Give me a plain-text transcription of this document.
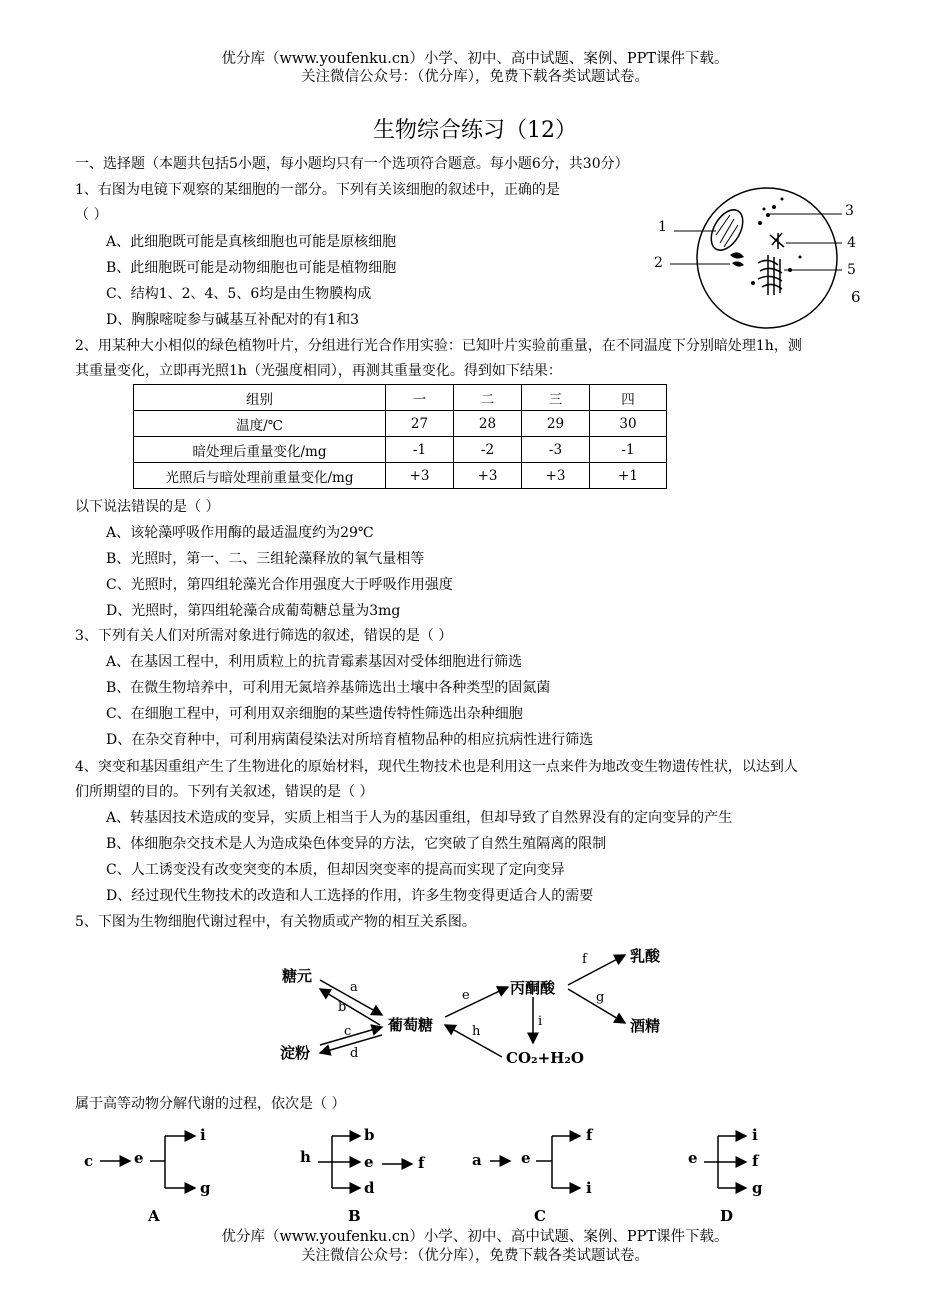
优分库（www.youfenku.cn）小学、初中、高中试题、案例、PPT课件下载。
关注微信公众号：（优分库），免费下载各类试题试卷。
生物综合练习（12）
一、选择题（本题共包括5小题，每小题均只有一个选项符合题意。每小题6分，共30分）
1、右图为电镜下观察的某细胞的一部分。下列有关该细胞的叙述中，正确的是
（ ）
A、此细胞既可能是真核细胞也可能是原核细胞
B、此细胞既可能是动物细胞也可能是植物细胞
C、结构1、2、4、5、6均是由生物膜构成
D、胸腺嘧啶参与碱基互补配对的有1和3
1
2
3
4
5
6
2、用某种大小相似的绿色植物叶片，分组进行光合作用实验：已知叶片实验前重量，在不同温度下分别暗处理1h，测
其重量变化，立即再光照1h（光强度相同），再测其重量变化。得到如下结果：
组别	一	二	三	四
温度/℃	27	28	29	30
暗处理后重量变化/mg	-1	-2	-3	-1
光照后与暗处理前重量变化/mg	+3	+3	+3	+1
以下说法错误的是（ ）
A、该轮藻呼吸作用酶的最适温度约为29℃
B、光照时，第一、二、三组轮藻释放的氧气量相等
C、光照时，第四组轮藻光合作用强度大于呼吸作用强度
D、光照时，第四组轮藻合成葡萄糖总量为3mg
3、下列有关人们对所需对象进行筛选的叙述，错误的是（ ）
A、在基因工程中，利用质粒上的抗青霉素基因对受体细胞进行筛选
B、在微生物培养中，可利用无氮培养基筛选出土壤中各种类型的固氮菌
C、在细胞工程中，可利用双亲细胞的某些遗传特性筛选出杂种细胞
D、在杂交育种中，可利用病菌侵染法对所培育植物品种的相应抗病性进行筛选
4、突变和基因重组产生了生物进化的原始材料，现代生物技术也是利用这一点来件为地改变生物遗传性状，以达到人
们所期望的目的。下列有关叙述，错误的是（ ）
A、转基因技术造成的变异，实质上相当于人为的基因重组，但却导致了自然界没有的定向变异的产生
B、体细胞杂交技术是人为造成染色体变异的方法，它突破了自然生殖隔离的限制
C、人工诱变没有改变突变的本质，但却因突变率的提高而实现了定向变异
D、经过现代生物技术的改造和人工选择的作用，许多生物变得更适合人的需要
5、下图为生物细胞代谢过程中，有关物质或产物的相互关系图。
糖元
淀粉
葡萄糖
丙酮酸
乳酸
酒精
CO₂+H₂O
a
b
c
d
e
f
g
h
i
属于高等动物分解代谢的过程，依次是（ ）
c	e
i
g
A
h
b
e
d
f
B
a	e
f
i
C
e
i
f
g
D
优分库（www.youfenku.cn）小学、初中、高中试题、案例、PPT课件下载。
关注微信公众号：（优分库），免费下载各类试题试卷。
